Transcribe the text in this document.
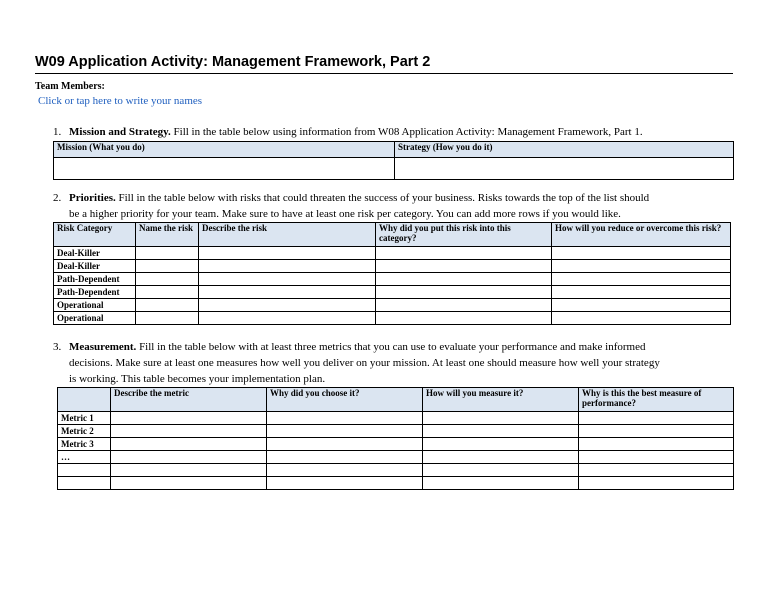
W09 Application Activity: Management Framework, Part 2
Team Members:
Click or tap here to write your names
1. Mission and Strategy. Fill in the table below using information from W08 Application Activity: Management Framework, Part 1.
Mission (What you do)	Strategy (How you do it)

2. Priorities. Fill in the table below with risks that could threaten the success of your business. Risks towards the top of the list should
be a higher priority for your team. Make sure to have at least one risk per category. You can add more rows if you would like.
Risk Category	Name the risk	Describe the risk	Why did you put this risk into this category?	How will you reduce or overcome this risk?
Deal-Killer				
Deal-Killer				
Path-Dependent				
Path-Dependent				
Operational				
Operational				
3. Measurement. Fill in the table below with at least three metrics that you can use to evaluate your performance and make informed
decisions. Make sure at least one measures how well you deliver on your mission. At least one should measure how well your strategy
is working. This table becomes your implementation plan.
	Describe the metric	Why did you choose it?	How will you measure it?	Why is this the best measure of performance?
Metric 1				
Metric 2				
Metric 3				
…				
